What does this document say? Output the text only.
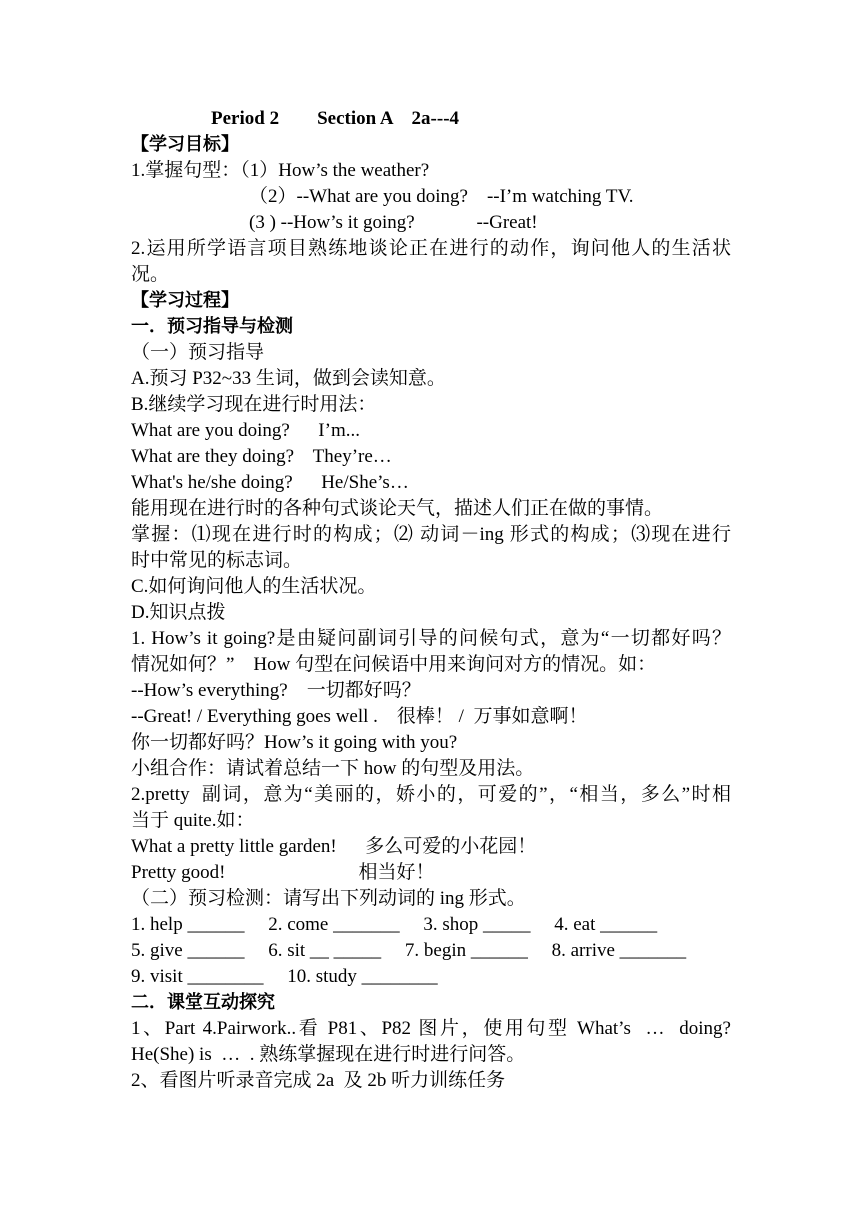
Period 2        Section A    2a---4
【学习目标】
1.掌握句型：（1）How’s the weather?
（2）--What are you doing?    --I’m watching TV.
(3 ) --How’s it going?             --Great!
2.运用所学语言项目熟练地谈论正在进行的动作，询问他人的生活状
况。
【学习过程】
一．预习指导与检测
（一）预习指导
A.预习 P32~33 生词，做到会读知意。
B.继续学习现在进行时用法：
What are you doing?      I’m...
What are they doing?    They’re…
What's he/she doing?      He/She’s…
能用现在进行时的各种句式谈论天气，描述人们正在做的事情。
掌握：⑴现在进行时的构成；⑵ 动词－ing 形式的构成；⑶现在进行
时中常见的标志词。
C.如何询问他人的生活状况。
D.知识点拨
1. How’s it going?是由疑问副词引导的问候句式，意为“一切都好吗？
情况如何？”    How 句型在问候语中用来询问对方的情况。如：
--How’s everything?    一切都好吗？
--Great! / Everything goes well .    很棒！ /  万事如意啊！
你一切都好吗？How’s it going with you?
小组合作：请试着总结一下 how 的句型及用法。
2.pretty  副词，意为“美丽的，娇小的，可爱的”，“相当，多么”时相
当于 quite.如：
What a pretty little garden!      多么可爱的小花园！
Pretty good!                            相当好！
（二）预习检测：请写出下列动词的 ing 形式。
1. help ______     2. come _______     3. shop _____     4. eat ______
5. give ______     6. sit __ _____     7. begin ______     8. arrive _______
9. visit ________     10. study ________
二．课堂互动探究
1、Part 4.Pairwork..看 P81、P82 图片，使用句型 What’s  …  doing?
He(She) is  …  . 熟练掌握现在进行时进行问答。
2、看图片听录音完成 2a  及 2b 听力训练任务
